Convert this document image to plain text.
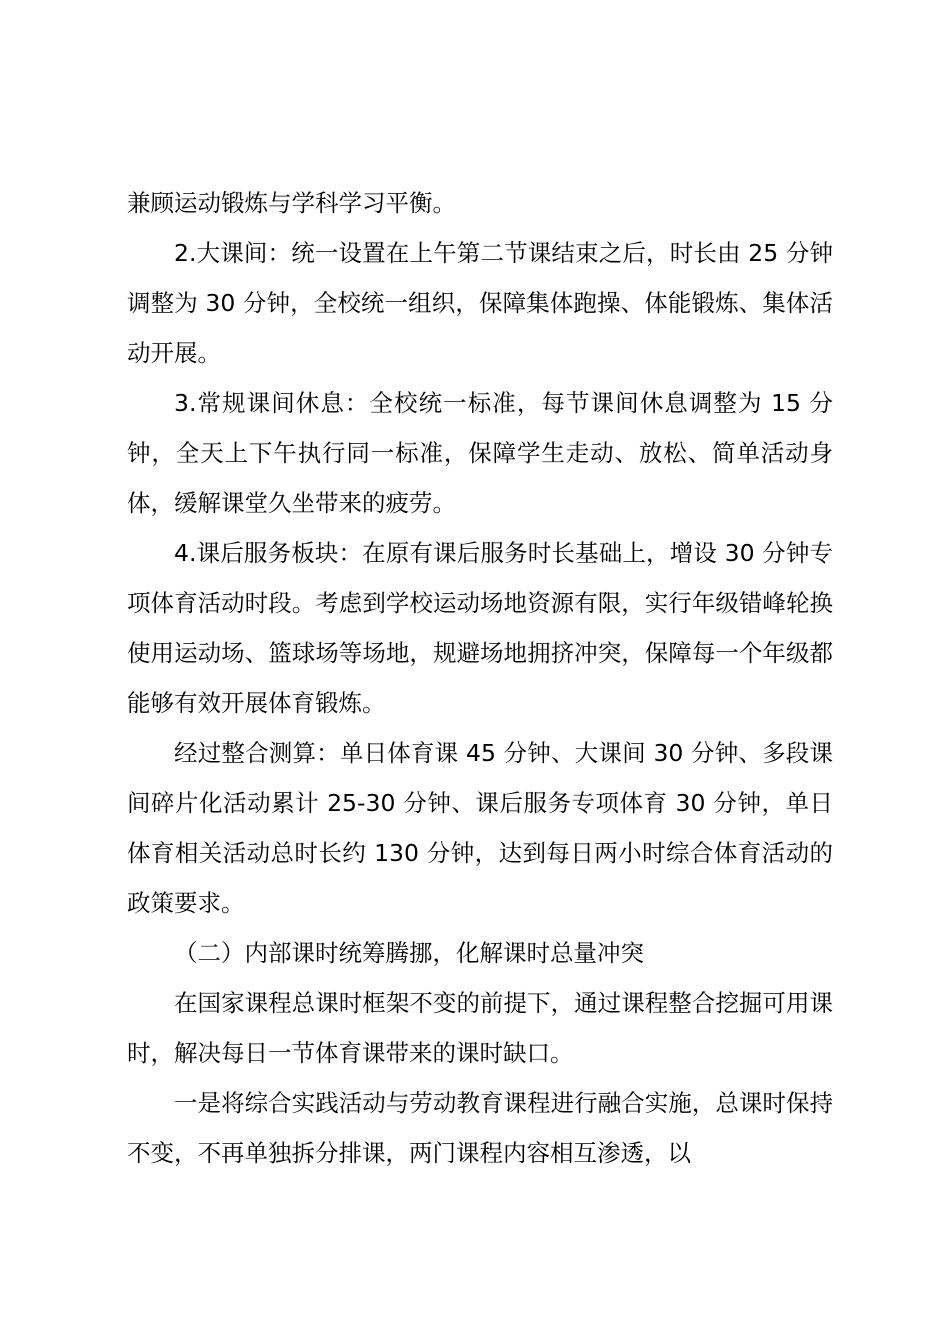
兼顾运动锻炼与学科学习平衡。

2.大课间：统一设置在上午第二节课结束之后，时长由 25 分钟调整为 30 分钟，全校统一组织，保障集体跑操、体能锻炼、集体活动开展。

3.常规课间休息：全校统一标准，每节课间休息调整为 15 分钟，全天上下午执行同一标准，保障学生走动、放松、简单活动身体，缓解课堂久坐带来的疲劳。

4.课后服务板块：在原有课后服务时长基础上，增设 30 分钟专项体育活动时段。考虑到学校运动场地资源有限，实行年级错峰轮换使用运动场、篮球场等场地，规避场地拥挤冲突，保障每一个年级都能够有效开展体育锻炼。

经过整合测算：单日体育课 45 分钟、大课间 30 分钟、多段课间碎片化活动累计 25-30 分钟、课后服务专项体育 30 分钟，单日体育相关活动总时长约 130 分钟，达到每日两小时综合体育活动的政策要求。

（二）内部课时统筹腾挪，化解课时总量冲突

在国家课程总课时框架不变的前提下，通过课程整合挖掘可用课时，解决每日一节体育课带来的课时缺口。

一是将综合实践活动与劳动教育课程进行融合实施，总课时保持不变，不再单独拆分排课，两门课程内容相互渗透，以
